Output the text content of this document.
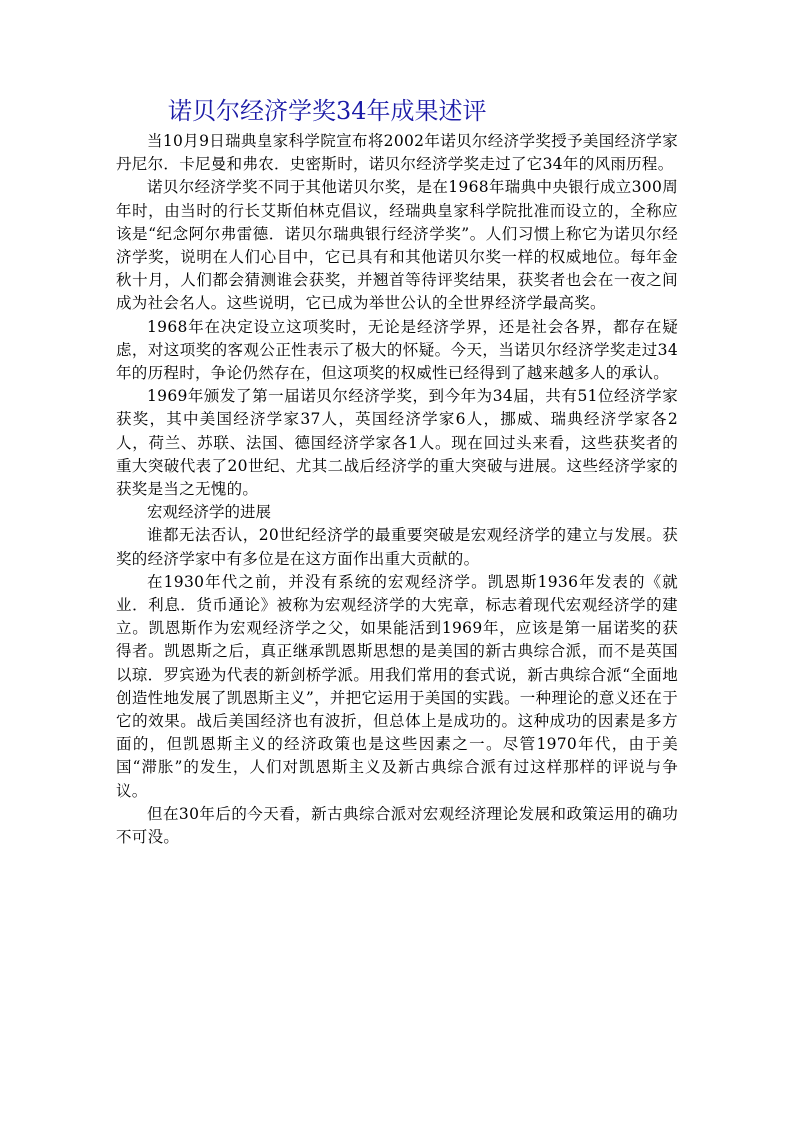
诺贝尔经济学奖34年成果述评

当10月9日瑞典皇家科学院宣布将2002年诺贝尔经济学奖授予美国经济学家丹尼尔．卡尼曼和弗农．史密斯时，诺贝尔经济学奖走过了它34年的风雨历程。

诺贝尔经济学奖不同于其他诺贝尔奖，是在1968年瑞典中央银行成立300周年时，由当时的行长艾斯伯林克倡议，经瑞典皇家科学院批准而设立的，全称应该是“纪念阿尔弗雷德．诺贝尔瑞典银行经济学奖”。人们习惯上称它为诺贝尔经济学奖，说明在人们心目中，它已具有和其他诺贝尔奖一样的权威地位。每年金秋十月，人们都会猜测谁会获奖，并翘首等待评奖结果，获奖者也会在一夜之间成为社会名人。这些说明，它已成为举世公认的全世界经济学最高奖。

1968年在决定设立这项奖时，无论是经济学界，还是社会各界，都存在疑虑，对这项奖的客观公正性表示了极大的怀疑。今天，当诺贝尔经济学奖走过34年的历程时，争论仍然存在，但这项奖的权威性已经得到了越来越多人的承认。

1969年颁发了第一届诺贝尔经济学奖，到今年为34届，共有51位经济学家获奖，其中美国经济学家37人，英国经济学家6人，挪威、瑞典经济学家各2人，荷兰、苏联、法国、德国经济学家各1人。现在回过头来看，这些获奖者的重大突破代表了20世纪、尤其二战后经济学的重大突破与进展。这些经济学家的获奖是当之无愧的。

宏观经济学的进展

谁都无法否认，20世纪经济学的最重要突破是宏观经济学的建立与发展。获奖的经济学家中有多位是在这方面作出重大贡献的。

在1930年代之前，并没有系统的宏观经济学。凯恩斯1936年发表的《就业．利息．货币通论》被称为宏观经济学的大宪章，标志着现代宏观经济学的建立。凯恩斯作为宏观经济学之父，如果能活到1969年，应该是第一届诺奖的获得者。凯恩斯之后，真正继承凯恩斯思想的是美国的新古典综合派，而不是英国以琼．罗宾逊为代表的新剑桥学派。用我们常用的套式说，新古典综合派“全面地创造性地发展了凯恩斯主义”，并把它运用于美国的实践。一种理论的意义还在于它的效果。战后美国经济也有波折，但总体上是成功的。这种成功的因素是多方面的，但凯恩斯主义的经济政策也是这些因素之一。尽管1970年代，由于美国“滞胀”的发生，人们对凯恩斯主义及新古典综合派有过这样那样的评说与争议。

但在30年后的今天看，新古典综合派对宏观经济理论发展和政策运用的确功不可没。
